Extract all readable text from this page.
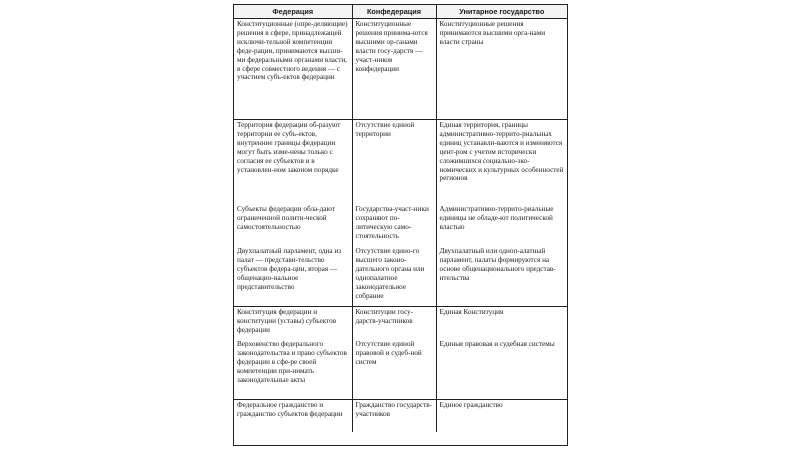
Федерация	Конфедерация	Унитарное государство
Конституционные (опре-деляющие) решения в сфере, принадлежащей исключи-тельной компетенции феде-рации, принимаются высши-ми федеральными органами власти, в сфере совместного ведения — с участием субъ-ектов федерации	Конституционные решения принима-ются высшими ор-ганами власти госу-дарств — участ-ников конфедерации	Конституционные решения принимаются высшими орга-нами власти страны
Территория федерации об-разуют территории ее субъ-ектов, внутренние границы федерации могут быть изме-нены только с согласия ее субъектов и в установлен-ном законом порядке	Отсутствие единой территории	Единая территория, границы административно-террито-риальных единиц устанавли-ваются и изменяются цент-ром с учетом исторически сложившихся социально-эко-номических и культурных особенностей регионов
Субъекты федерации обла-дают ограниченной полити-ческой самостоятельностью	Государства-участ-ники сохраняют по-литическую само-стоятельность	Административно-террито-риальные единицы не обладе-ют политической властью
Двухпалатный парламент, одна из палат — представи-тельство субъектов федера-ции, вторая — общенацио-нальное представительство	Отсутствие едино-го высшего законо-дательного органа или однопалатное законодательное собрание	Двухпалатный или одноп-алатный парламент, палаты формируются на основе общенационального представ-ительства
Конституция федерации и конституции (уставы) субъектов федерации	Конституции госу-дарств-участников	Единая Конституция
Верховенство федерального законодательства и право субъектов федерации в сфе-ре своей компетенции при-нимать законодательные акты	Отсутствие единой правовой и судеб-ной систем	Единые правовая и судебная системы
Федеральное гражданство и гражданство субъектов федерации	Гражданство государств-участников	Единое гражданство
